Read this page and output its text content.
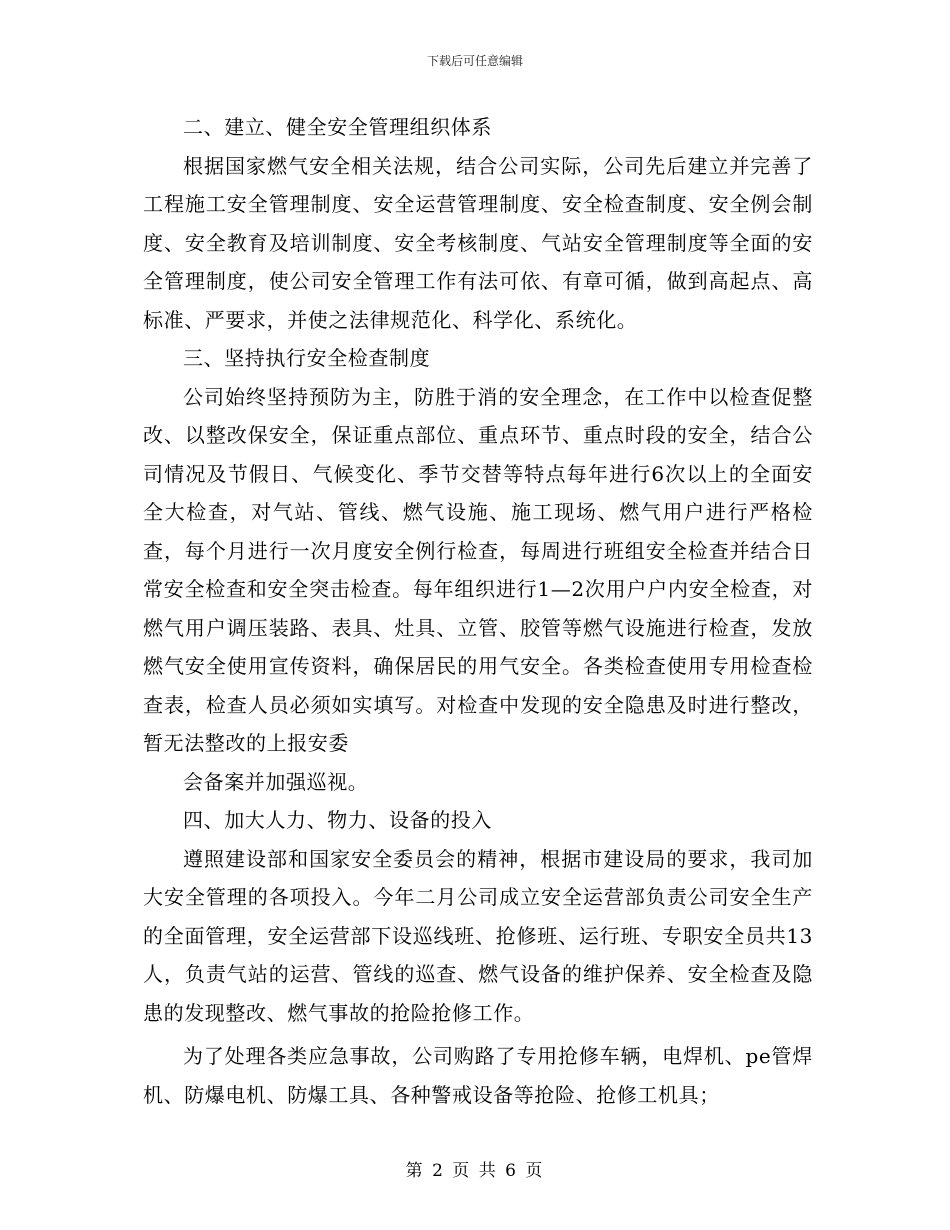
下载后可任意编辑

二、建立、健全安全管理组织体系

根据国家燃气安全相关法规，结合公司实际，公司先后建立并完善了工程施工安全管理制度、安全运营管理制度、安全检查制度、安全例会制度、安全教育及培训制度、安全考核制度、气站安全管理制度等全面的安全管理制度，使公司安全管理工作有法可依、有章可循，做到高起点、高标准、严要求，并使之法律规范化、科学化、系统化。

三、坚持执行安全检查制度

公司始终坚持预防为主，防胜于消的安全理念，在工作中以检查促整改、以整改保安全，保证重点部位、重点环节、重点时段的安全，结合公司情况及节假日、气候变化、季节交替等特点每年进行6次以上的全面安全大检查，对气站、管线、燃气设施、施工现场、燃气用户进行严格检查，每个月进行一次月度安全例行检查，每周进行班组安全检查并结合日常安全检查和安全突击检查。每年组织进行1—2次用户户内安全检查，对燃气用户调压装路、表具、灶具、立管、胶管等燃气设施进行检查，发放燃气安全使用宣传资料，确保居民的用气安全。各类检查使用专用检查检查表，检查人员必须如实填写。对检查中发现的安全隐患及时进行整改，暂无法整改的上报安委

会备案并加强巡视。

四、加大人力、物力、设备的投入

遵照建设部和国家安全委员会的精神，根据市建设局的要求，我司加大安全管理的各项投入。今年二月公司成立安全运营部负责公司安全生产的全面管理，安全运营部下设巡线班、抢修班、运行班、专职安全员共13人，负责气站的运营、管线的巡查、燃气设备的维护保养、安全检查及隐患的发现整改、燃气事故的抢险抢修工作。

为了处理各类应急事故，公司购路了专用抢修车辆，电焊机、pe管焊机、防爆电机、防爆工具、各种警戒设备等抢险、抢修工机具；

第 2 页 共 6 页
